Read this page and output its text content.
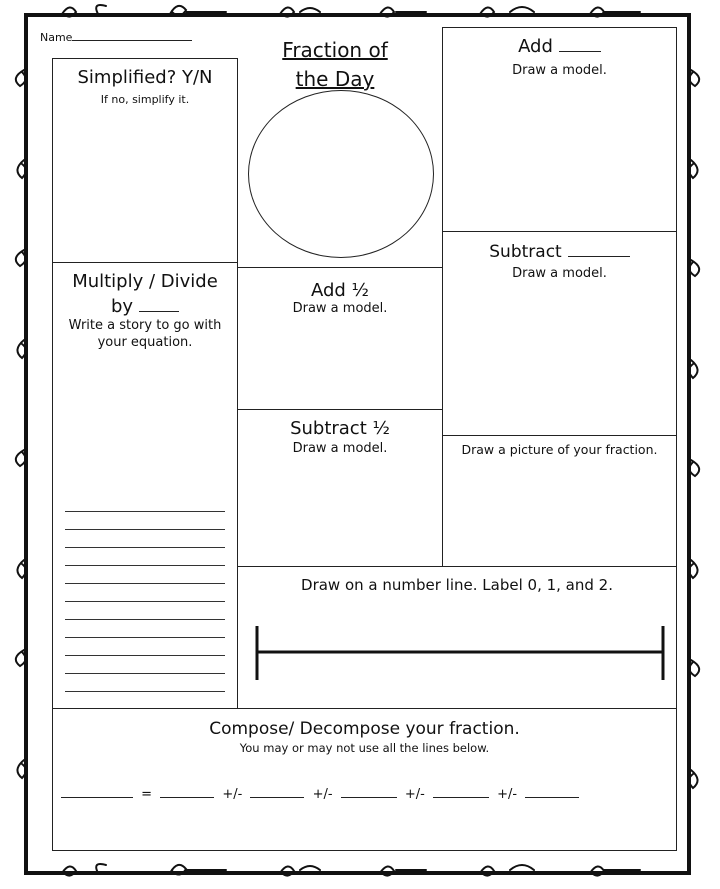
Name
Fraction of
the Day
Simplified? Y/N
If no, simplify it.
Add
Draw a model.
Subtract
Draw a model.
Multiply / Divide
by
Write a story to go with your equation.
Add ½
Draw a model.
Subtract ½
Draw a model.	Draw a picture of your fraction.
Draw on a number line. Label 0, 1, and 2.
Compose/ Decompose your fraction.
You may or may not use all the lines below.
=	+/-	+/-	+/-	+/-
